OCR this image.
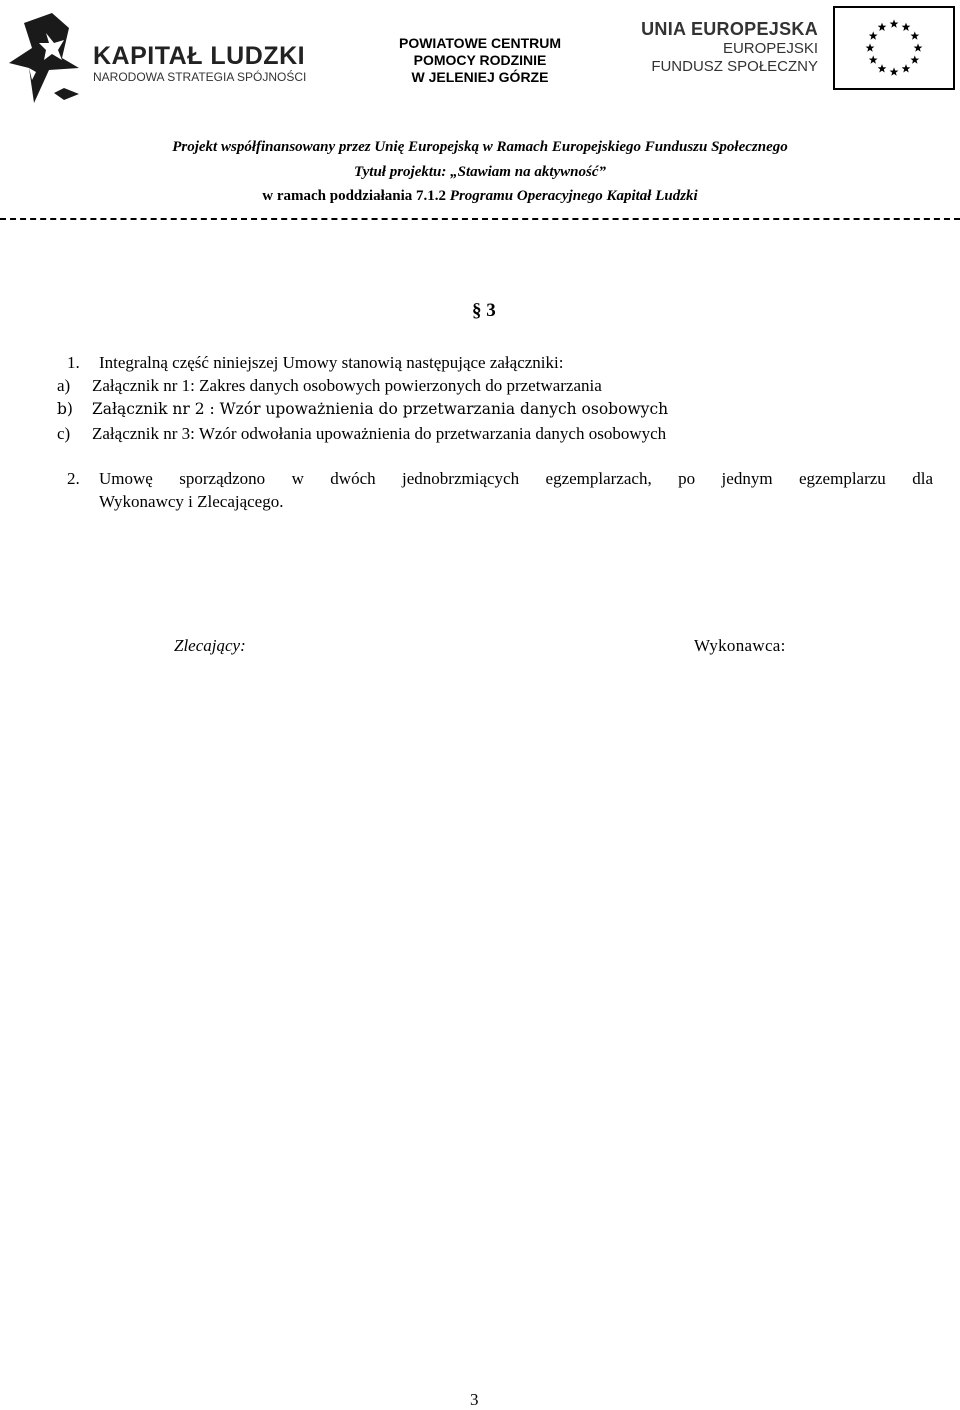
KAPITAŁ LUDZKI
NARODOWA STRATEGIA SPÓJNOŚCI
POWIATOWE CENTRUM
POMOCY RODZINIE
W JELENIEJ GÓRZE
UNIA EUROPEJSKA
EUROPEJSKI
FUNDUSZ SPOŁECZNY
Projekt współfinansowany przez Unię Europejską w Ramach Europejskiego Funduszu Społecznego
Tytuł projektu: „Stawiam na aktywność”
w ramach poddziałania 7.1.2 Programu Operacyjnego Kapitał Ludzki
§ 3
1. Integralną część niniejszej Umowy stanowią następujące załączniki:
a) Załącznik nr 1: Zakres danych osobowych powierzonych do przetwarzania
b) Załącznik nr 2 : Wzór upoważnienia do przetwarzania danych osobowych
c) Załącznik nr 3: Wzór odwołania upoważnienia do przetwarzania danych osobowych
2. Umowę sporządzono w dwóch jednobrzmiących egzemplarzach, po jednym egzemplarzu dla
Wykonawcy i Zlecającego.
Zlecający:	Wykonawca:
3
